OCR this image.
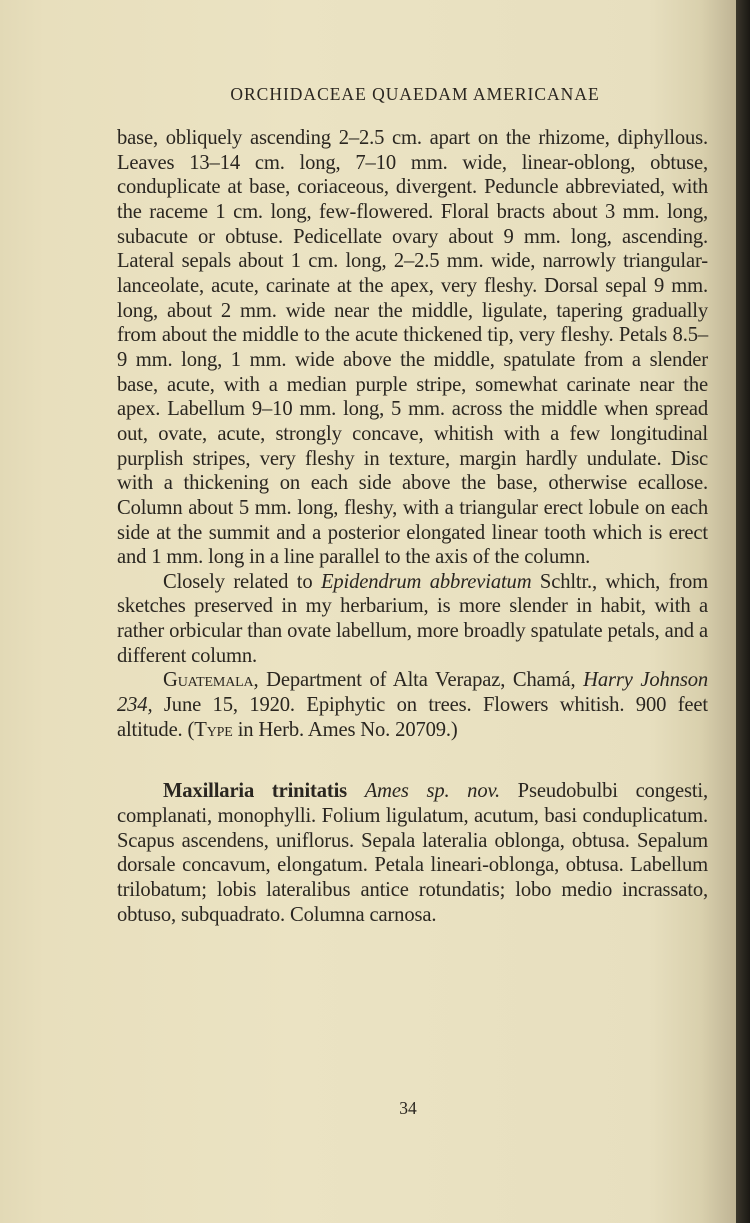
ORCHIDACEAE QUAEDAM AMERICANAE

base, obliquely ascending 2–2.5 cm. apart on the rhizome, diphyllous. Leaves 13–14 cm. long, 7–10 mm. wide, linear-oblong, obtuse, conduplicate at base, coriaceous, divergent. Peduncle abbreviated, with the raceme 1 cm. long, few-flowered. Floral bracts about 3 mm. long, subacute or obtuse. Pedicellate ovary about 9 mm. long, ascending. Lateral sepals about 1 cm. long, 2–2.5 mm. wide, narrowly triangular-lanceolate, acute, carinate at the apex, very fleshy. Dorsal sepal 9 mm. long, about 2 mm. wide near the middle, ligulate, tapering gradually from about the middle to the acute thickened tip, very fleshy. Petals 8.5–9 mm. long, 1 mm. wide above the middle, spatulate from a slender base, acute, with a median purple stripe, somewhat carinate near the apex. Labellum 9–10 mm. long, 5 mm. across the middle when spread out, ovate, acute, strongly concave, whitish with a few longitudinal purplish stripes, very fleshy in texture, margin hardly undulate. Disc with a thickening on each side above the base, otherwise ecallose. Column about 5 mm. long, fleshy, with a triangular erect lobule on each side at the summit and a posterior elongated linear tooth which is erect and 1 mm. long in a line parallel to the axis of the column.

Closely related to Epidendrum abbreviatum Schltr., which, from sketches preserved in my herbarium, is more slender in habit, with a rather orbicular than ovate labellum, more broadly spatulate petals, and a different column.

Guatemala, Department of Alta Verapaz, Chamá, Harry Johnson 234, June 15, 1920. Epiphytic on trees. Flowers whitish. 900 feet altitude. (Type in Herb. Ames No. 20709.)

Maxillaria trinitatis Ames sp. nov. Pseudobulbi congesti, complanati, monophylli. Folium ligulatum, acutum, basi conduplicatum. Scapus ascendens, uniflorus. Sepala lateralia oblonga, obtusa. Sepalum dorsale concavum, elongatum. Petala lineari-oblonga, obtusa. Labellum trilobatum; lobis lateralibus antice rotundatis; lobo medio incrassato, obtuso, subquadrato. Columna carnosa.

34
